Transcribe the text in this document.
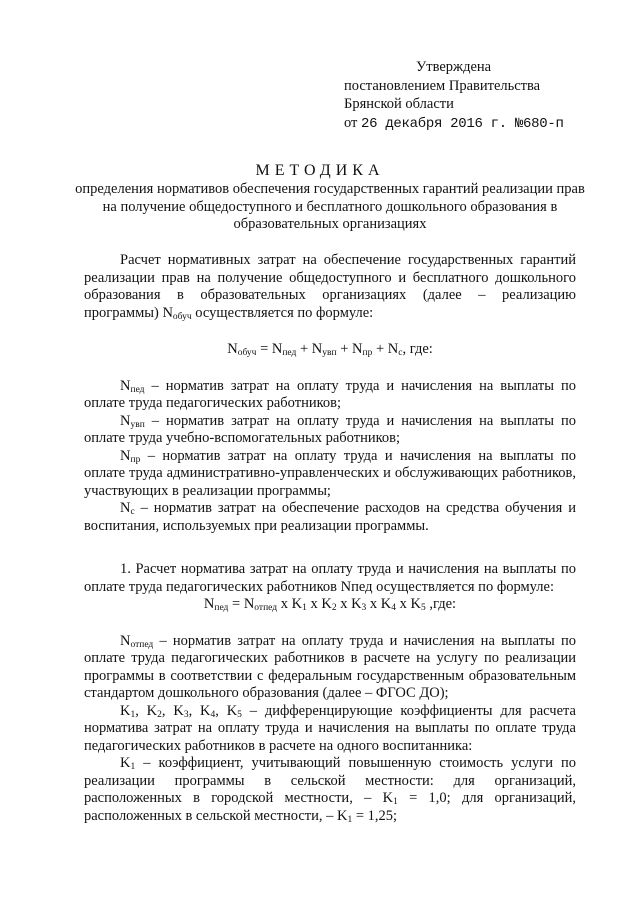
Утверждена
постановлением Правительства
Брянской области
от 26 декабря 2016 г. №680-п
МЕТОДИКА
определения нормативов обеспечения государственных гарантий реализации прав на получение общедоступного и бесплатного дошкольного образования в образовательных организациях

Расчет нормативных затрат на обеспечение государственных гарантий реализации прав на получение общедоступного и бесплатного дошкольного образования в образовательных организациях (далее – реализацию программы) $N_{обуч}$ осуществляется по формуле:

$N_{обуч} = N_{пед} + N_{увп} + N_{пр} + N_c$, где:

$N_{пед}$ – норматив затрат на оплату труда и начисления на выплаты по оплате труда педагогических работников;

$N_{увп}$ – норматив затрат на оплату труда и начисления на выплаты по оплате труда учебно-вспомогательных работников;

$N_{пр}$ – норматив затрат на оплату труда и начисления на выплаты по оплате труда административно-управленческих и обслуживающих работников, участвующих в реализации программы;

$N_с$ – норматив затрат на обеспечение расходов на средства обучения и воспитания, используемых при реализации программы.

1. Расчет норматива затрат на оплату труда и начисления на выплаты по оплате труда педагогических работников Nпед осуществляется по формуле:

$N_{пед} = N_{отпед}$ x $K_1$ x $K_2$ x $K_3$ x $K_4$ x $K_5$ ,где:

$N_{отпед}$ – норматив затрат на оплату труда и начисления на выплаты по оплате труда педагогических работников в расчете на услугу по реализации программы в соответствии с федеральным государственным образовательным стандартом дошкольного образования (далее – ФГОС ДО);

$K_1$, $K_2$, $K_3$, $K_4$, $K_5$ – дифференцирующие коэффициенты для расчета норматива затрат на оплату труда и начисления на выплаты по оплате труда педагогических работников в расчете на одного воспитанника:

$K_1$ – коэффициент, учитывающий повышенную стоимость услуги по реализации программы в сельской местности: для организаций, расположенных в городской местности, – $K_1 = 1,0$; для организаций, расположенных в сельской местности, – $K_1 = 1,25$;
